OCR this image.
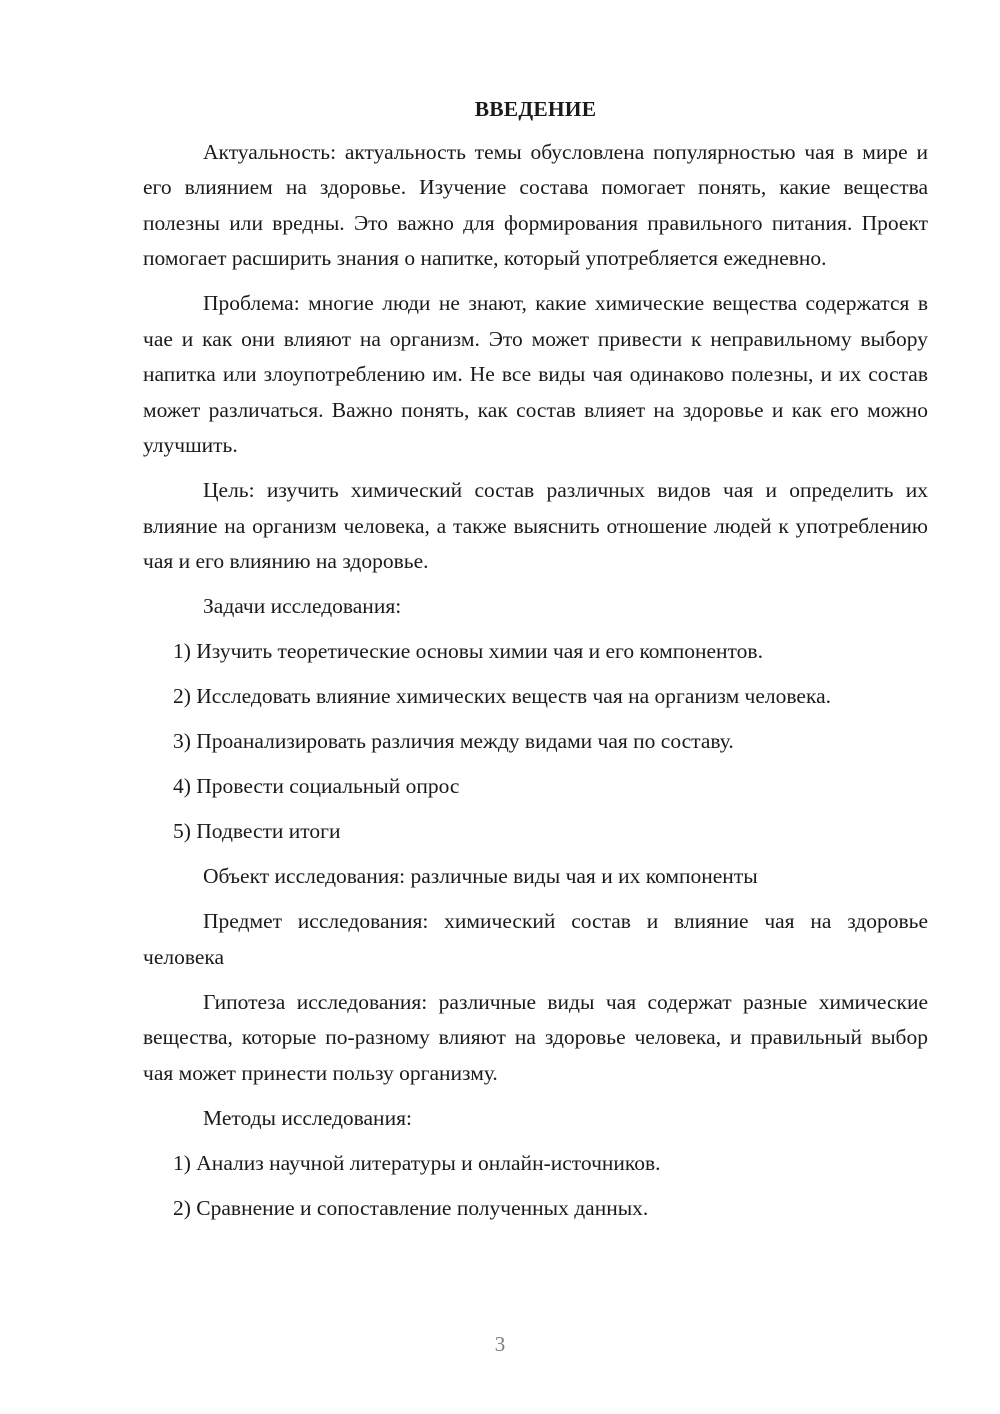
ВВЕДЕНИЕ

Актуальность: актуальность темы обусловлена популярностью чая в мире и его влиянием на здоровье. Изучение состава помогает понять, какие вещества полезны или вредны. Это важно для формирования правильного питания. Проект помогает расширить знания о напитке, который употребляется ежедневно.

Проблема: многие люди не знают, какие химические вещества содержатся в чае и как они влияют на организм. Это может привести к неправильному выбору напитка или злоупотреблению им. Не все виды чая одинаково полезны, и их состав может различаться. Важно понять, как состав влияет на здоровье и как его можно улучшить.

Цель: изучить химический состав различных видов чая и определить их влияние на организм человека, а также выяснить отношение людей к употреблению чая и его влиянию на здоровье.

Задачи исследования:

1) Изучить теоретические основы химии чая и его компонентов.

2) Исследовать влияние химических веществ чая на организм человека.

3) Проанализировать различия между видами чая по составу.

4) Провести социальный опрос

5) Подвести итоги

Объект исследования: различные виды чая и их компоненты

Предмет исследования: химический состав и влияние чая на здоровье человека

Гипотеза исследования: различные виды чая содержат разные химические вещества, которые по-разному влияют на здоровье человека, и правильный выбор чая может принести пользу организму.

Методы исследования:

1) Анализ научной литературы и онлайн-источников.

2) Сравнение и сопоставление полученных данных.

3
